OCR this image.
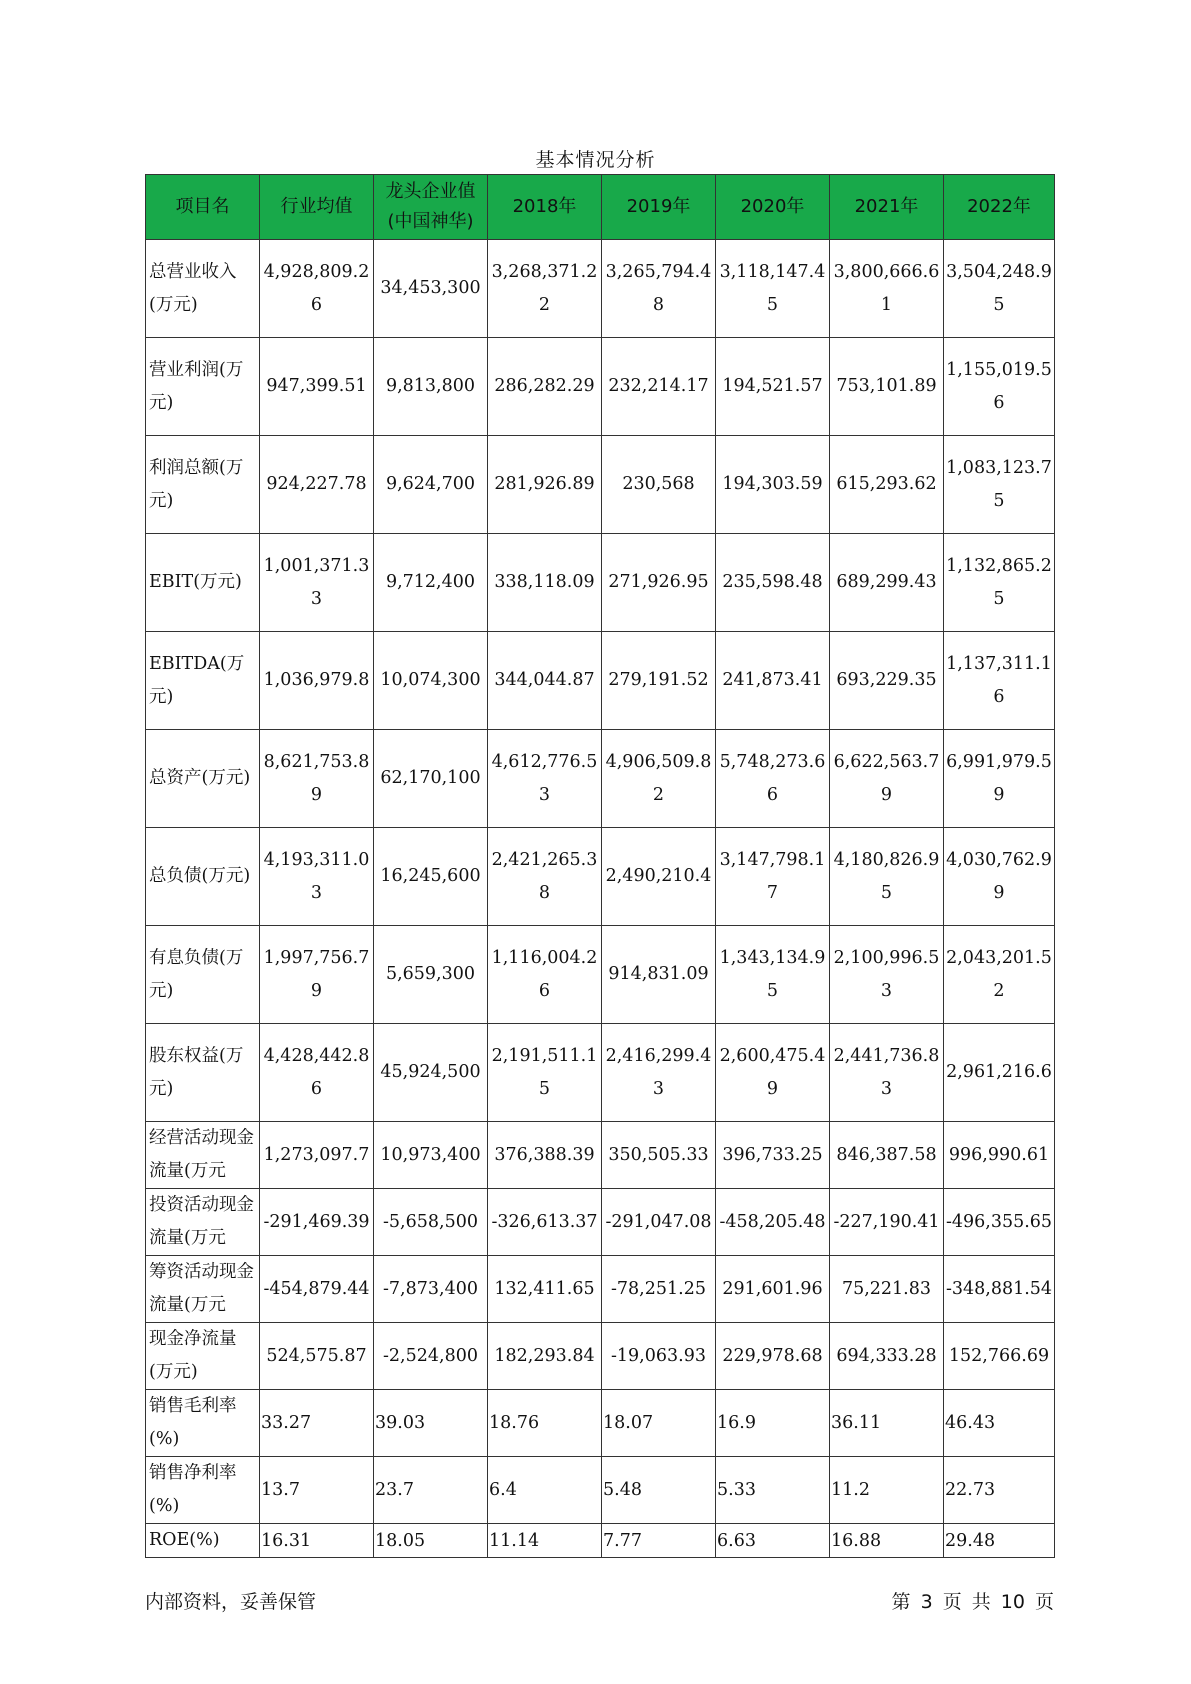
基本情况分析
项目名	行业均值	龙头企业值(中国神华)	2018年	2019年	2020年	2021年	2022年
总营业收入(万元)	4,928,809.26	34,453,300	3,268,371.22	3,265,794.48	3,118,147.45	3,800,666.61	3,504,248.95
营业利润(万元)	947,399.51	9,813,800	286,282.29	232,214.17	194,521.57	753,101.89	1,155,019.56
利润总额(万元)	924,227.78	9,624,700	281,926.89	230,568	194,303.59	615,293.62	1,083,123.75
EBIT(万元)	1,001,371.33	9,712,400	338,118.09	271,926.95	235,598.48	689,299.43	1,132,865.25
EBITDA(万元)	1,036,979.8	10,074,300	344,044.87	279,191.52	241,873.41	693,229.35	1,137,311.16
总资产(万元)	8,621,753.89	62,170,100	4,612,776.53	4,906,509.82	5,748,273.66	6,622,563.79	6,991,979.59
总负债(万元)	4,193,311.03	16,245,600	2,421,265.38	2,490,210.4	3,147,798.17	4,180,826.95	4,030,762.99
有息负债(万元)	1,997,756.79	5,659,300	1,116,004.26	914,831.09	1,343,134.95	2,100,996.53	2,043,201.52
股东权益(万元)	4,428,442.86	45,924,500	2,191,511.15	2,416,299.43	2,600,475.49	2,441,736.83	2,961,216.6
经营活动现金流量(万元	1,273,097.7	10,973,400	376,388.39	350,505.33	396,733.25	846,387.58	996,990.61
投资活动现金流量(万元	-291,469.39	-5,658,500	-326,613.37	-291,047.08	-458,205.48	-227,190.41	-496,355.65
筹资活动现金流量(万元	-454,879.44	-7,873,400	132,411.65	-78,251.25	291,601.96	75,221.83	-348,881.54
现金净流量(万元)	524,575.87	-2,524,800	182,293.84	-19,063.93	229,978.68	694,333.28	152,766.69
销售毛利率(%)	33.27	39.03	18.76	18.07	16.9	36.11	46.43
销售净利率(%)	13.7	23.7	6.4	5.48	5.33	11.2	22.73
ROE(%)	16.31	18.05	11.14	7.77	6.63	16.88	29.48
内部资料，妥善保管	第 3 页 共 10 页
